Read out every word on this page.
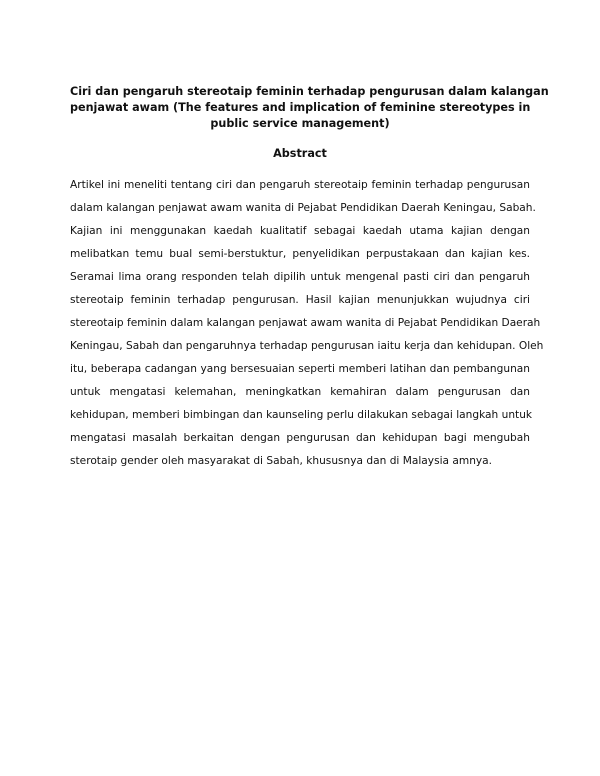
Ciri dan pengaruh stereotaip feminin terhadap pengurusan dalam kalangan
penjawat awam (The features and implication of feminine stereotypes in
public service management)
Abstract
Artikel ini meneliti tentang ciri dan pengaruh stereotaip feminin terhadap pengurusan
dalam kalangan penjawat awam wanita di Pejabat Pendidikan Daerah Keningau, Sabah.
Kajian ini menggunakan kaedah kualitatif sebagai kaedah utama kajian dengan
melibatkan temu bual semi-berstuktur, penyelidikan perpustakaan dan kajian kes.
Seramai lima orang responden telah dipilih untuk mengenal pasti ciri dan pengaruh
stereotaip feminin terhadap pengurusan. Hasil kajian menunjukkan wujudnya ciri
stereotaip feminin dalam kalangan penjawat awam wanita di Pejabat Pendidikan Daerah
Keningau, Sabah dan pengaruhnya terhadap pengurusan iaitu kerja dan kehidupan. Oleh
itu, beberapa cadangan yang bersesuaian seperti memberi latihan dan pembangunan
untuk mengatasi kelemahan, meningkatkan kemahiran dalam pengurusan dan
kehidupan, memberi bimbingan dan kaunseling perlu dilakukan sebagai langkah untuk
mengatasi masalah berkaitan dengan pengurusan dan kehidupan bagi mengubah
sterotaip gender oleh masyarakat di Sabah, khususnya dan di Malaysia amnya.
